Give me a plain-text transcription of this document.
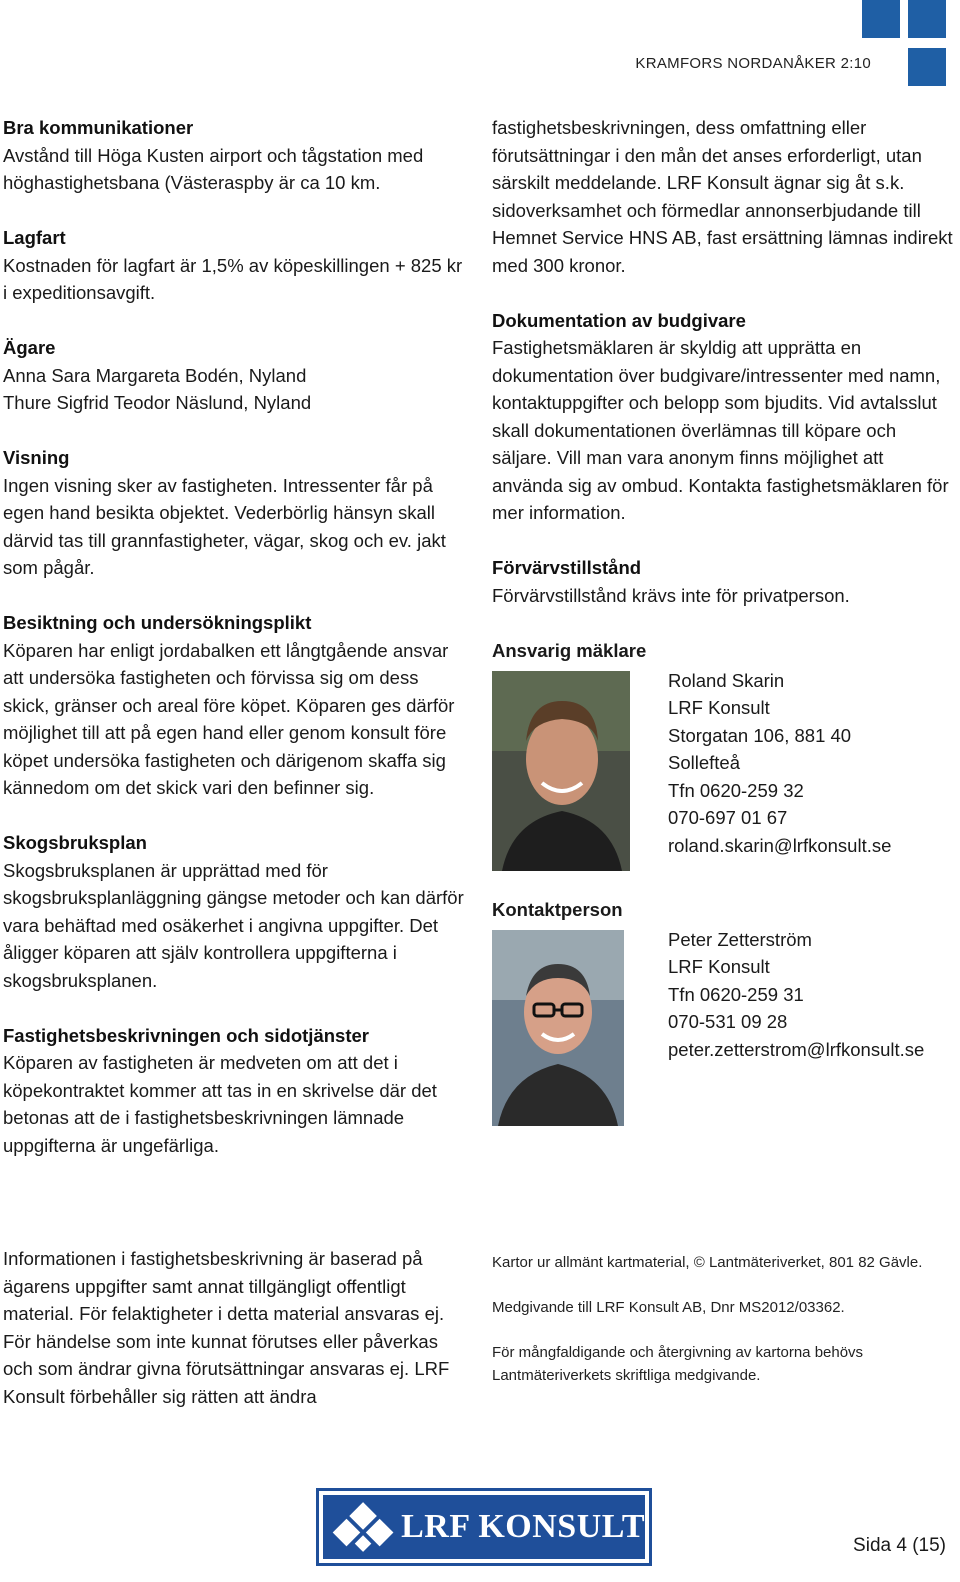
KRAMFORS NORDANÅKER 2:10
Bra kommunikationer

Avstånd till Höga Kusten airport och tågstation med höghastighetsbana (Västeraspby är ca 10 km.

Lagfart

Kostnaden för lagfart är 1,5% av köpeskillingen + 825 kr i expeditionsavgift.

Ägare

Anna Sara Margareta Bodén, Nyland Thure Sigfrid Teodor Näslund, Nyland

Visning

Ingen visning sker av fastigheten. Intressenter får på egen hand besikta objektet. Vederbörlig hänsyn skall därvid tas till grannfastigheter, vägar, skog och ev. jakt som pågår.

Besiktning och undersökningsplikt

Köparen har enligt jordabalken ett långtgående ansvar att undersöka fastigheten och förvissa sig om dess skick, gränser och areal före köpet. Köparen ges därför möjlighet till att på egen hand eller genom konsult före köpet undersöka fastigheten och därigenom skaffa sig kännedom om det skick vari den befinner sig.

Skogsbruksplan

Skogsbruksplanen är upprättad med för skogsbruksplanläggning gängse metoder och kan därför vara behäftad med osäkerhet i angivna uppgifter. Det åligger köparen att själv kontrollera uppgifterna i skogsbruksplanen.

Fastighetsbeskrivningen och sidotjänster

Köparen av fastigheten är medveten om att det i köpekontraktet kommer att tas in en skrivelse där det betonas att de i fastighetsbeskrivningen lämnade uppgifterna är ungefärliga.

Informationen i fastighetsbeskrivning är baserad på ägarens uppgifter samt annat tillgängligt offentligt material. För felaktigheter i detta material ansvaras ej. För händelse som inte kunnat förutses eller påverkas och som ändrar givna förutsättningar ansvaras ej. LRF Konsult förbehåller sig rätten att ändra

fastighetsbeskrivningen, dess omfattning eller förutsättningar i den mån det anses erforderligt, utan särskilt meddelande. LRF Konsult ägnar sig åt s.k. sidoverksamhet och förmedlar annonserbjudande till Hemnet Service HNS AB, fast ersättning lämnas indirekt med 300 kronor.

Dokumentation av budgivare

Fastighetsmäklaren är skyldig att upprätta en dokumentation över budgivare/intressenter med namn, kontaktuppgifter och belopp som bjudits. Vid avtalsslut skall dokumentationen överlämnas till köpare och säljare. Vill man vara anonym finns möjlighet att använda sig av ombud. Kontakta fastighetsmäklaren för mer information.

Förvärvstillstånd

Förvärvstillstånd krävs inte för privatperson.

Ansvarig mäklare
Roland Skarin
LRF Konsult
Storgatan 106, 881 40
Sollefteå
Tfn 0620-259 32
070-697 01 67
roland.skarin@lrfkonsult.se
Kontaktperson
Peter Zetterström
LRF Konsult
Tfn 0620-259 31
070-531 09 28
peter.zetterstrom@lrfkonsult.se

Kartor ur allmänt kartmaterial, © Lantmäteriverket, 801 82 Gävle.

Medgivande till LRF Konsult AB, Dnr MS2012/03362.

För mångfaldigande och återgivning av kartorna behövs Lantmäteriverkets skriftliga medgivande.

LRF KONSULT
Sida 4 (15)
